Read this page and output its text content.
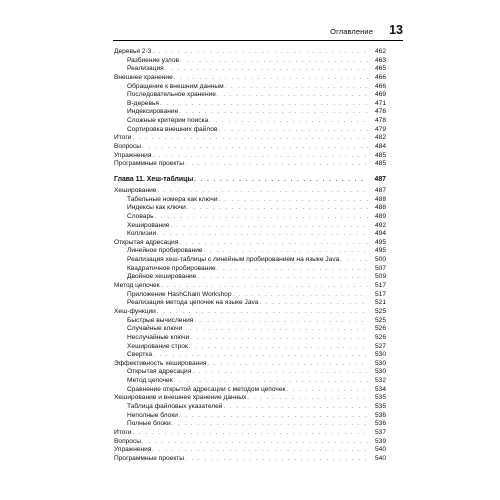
Оглавление 13
Деревья 2-3 . . .	462
Разбиение узлов . . .	463
Реализация . . .	465
Внешнее хранение . . .	466
Обращение к внешним данным . . .	466
Последовательное хранение . . .	469
B-деревья . . .	471
Индексирование . . .	476
Сложные критерии поиска . . .	478
Сортировка внешних файлов . . .	479
Итоги . . .	482
Вопросы . . .	484
Упражнения . . .	485
Программные проекты . . .	485
Глава 11. Хеш-таблицы . . .	487
Хеширование . . .	487
Табельные номера как ключи . . .	488
Индексы как ключи . . .	488
Словарь . . .	489
Хеширование . . .	492
Коллизии . . .	494
Открытая адресация . . .	495
Линейное пробирование . . .	495
Реализация хеш-таблицы с линейным пробированием на языке Java . . .	500
Квадратичное пробирование . . .	507
Двойное хеширование . . .	509
Метод цепочек . . .	517
Приложение HashChain Workshop . . .	517
Реализация метода цепочек на языке Java . . .	521
Хеш-функции . . .	525
Быстрые вычисления . . .	525
Случайные ключи . . .	526
Неслучайные ключи . . .	526
Хеширование строк . . .	527
Свертка . . .	530
Эффективность хеширования . . .	530
Открытая адресация . . .	530
Метод цепочек . . .	532
Сравнение открытой адресации с методом цепочек . . .	534
Хеширование и внешнее хранение данных . . .	535
Таблица файловых указателей . . .	535
Неполные блоки . . .	536
Полные блоки . . .	536
Итоги . . .	537
Вопросы . . .	539
Упражнения . . .	540
Программные проекты . . .	540
